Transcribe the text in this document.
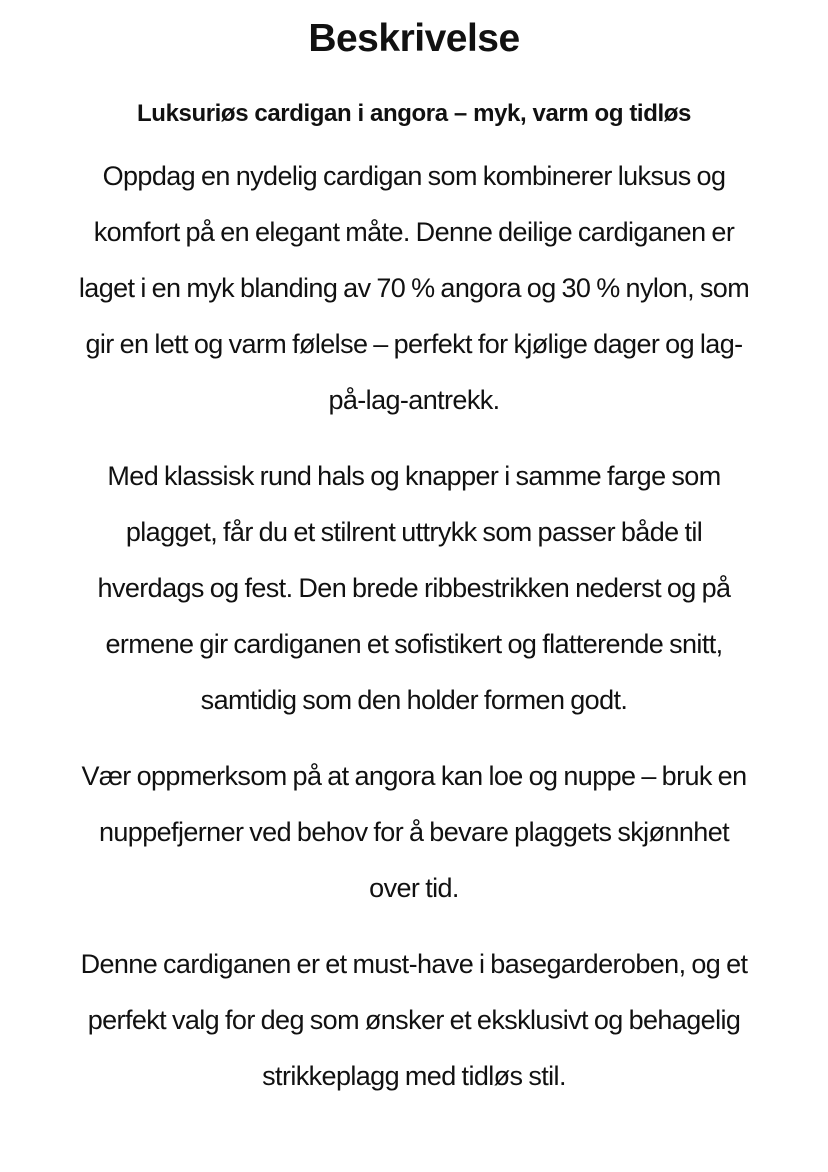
Beskrivelse
Luksuriøs cardigan i angora – myk, varm og tidløs

Oppdag en nydelig cardigan som kombinerer luksus og
komfort på en elegant måte. Denne deilige cardiganen er
laget i en myk blanding av 70 % angora og 30 % nylon, som
gir en lett og varm følelse – perfekt for kjølige dager og lag-
på-lag-antrekk.

Med klassisk rund hals og knapper i samme farge som
plagget, får du et stilrent uttrykk som passer både til
hverdags og fest. Den brede ribbestrikken nederst og på
ermene gir cardiganen et sofistikert og flatterende snitt,
samtidig som den holder formen godt.

Vær oppmerksom på at angora kan loe og nuppe – bruk en
nuppefjerner ved behov for å bevare plaggets skjønnhet
over tid.

Denne cardiganen er et must-have i basegarderoben, og et
perfekt valg for deg som ønsker et eksklusivt og behagelig
strikkeplagg med tidløs stil.
